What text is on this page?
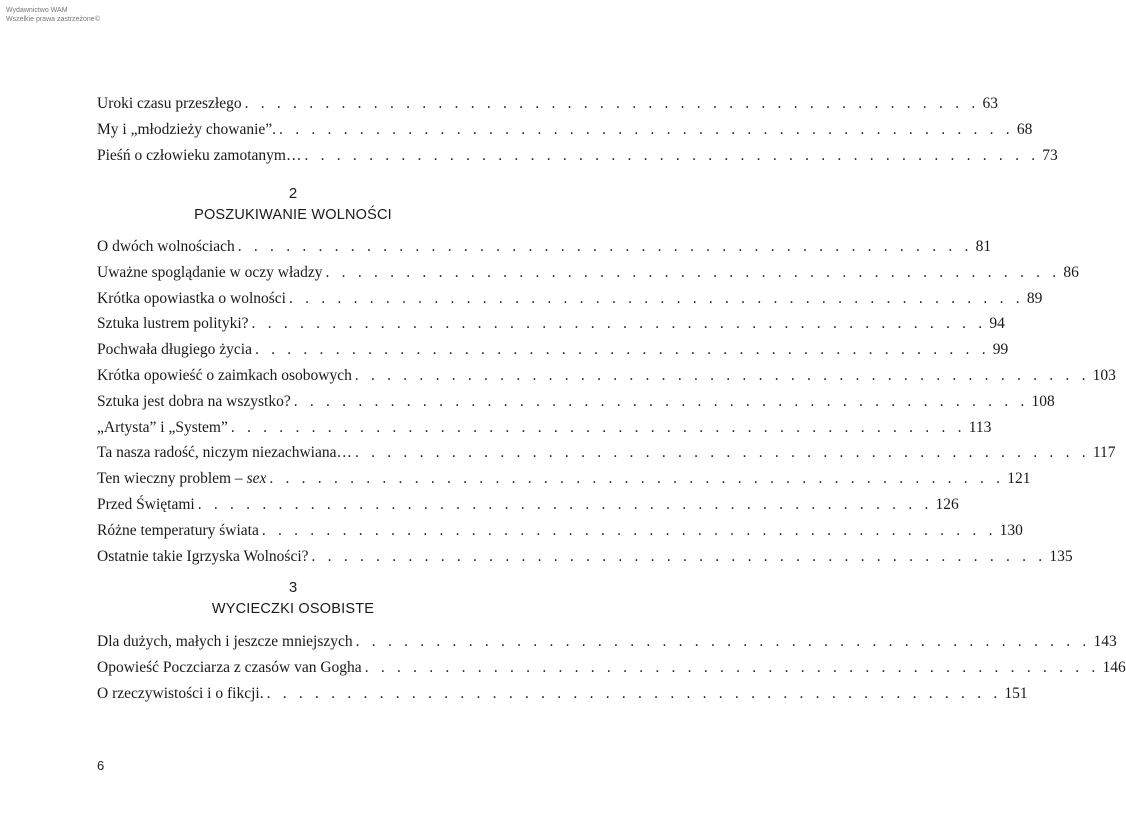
Wydawnictwo WAM
Wszelkie prawa zastrzeżone©
Uroki czasu przeszłego . . . . . . . . . . . . . . . . . . . . . . . . . . . . . . . . . . . . . . . . . . . . . . 63
My i „młodzieży chowanie”. . . . . . . . . . . . . . . . . . . . . . . . . . . . . . . . . . . . . . . . . . . . . . . 68
Pieśń o człowieku zamotanym… . . . . . . . . . . . . . . . . . . . . . . . . . . . . . . . . . . . . . . . . . . . . . . 73
2
POSZUKIWANIE WOLNOŚCI
O dwóch wolnościach . . . . . . . . . . . . . . . . . . . . . . . . . . . . . . . . . . . . . . . . . . . . . . 81
Uważne spoglądanie w oczy władzy . . . . . . . . . . . . . . . . . . . . . . . . . . . . . . . . . . . . . . . . . . . . . . 86
Krótka opowiastka o wolności . . . . . . . . . . . . . . . . . . . . . . . . . . . . . . . . . . . . . . . . . . . . . . 89
Sztuka lustrem polityki? . . . . . . . . . . . . . . . . . . . . . . . . . . . . . . . . . . . . . . . . . . . . . . 94
Pochwała długiego życia . . . . . . . . . . . . . . . . . . . . . . . . . . . . . . . . . . . . . . . . . . . . . . 99
Krótka opowieść o zaimkach osobowych . . . . . . . . . . . . . . . . . . . . . . . . . . . . . . . . . . . . . . . . . . . . . . 103
Sztuka jest dobra na wszystko? . . . . . . . . . . . . . . . . . . . . . . . . . . . . . . . . . . . . . . . . . . . . . . 108
„Artysta” i „System” . . . . . . . . . . . . . . . . . . . . . . . . . . . . . . . . . . . . . . . . . . . . . . 113
Ta nasza radość, niczym niezachwiana… . . . . . . . . . . . . . . . . . . . . . . . . . . . . . . . . . . . . . . . . . . . . . . 117
Ten wieczny problem – sex . . . . . . . . . . . . . . . . . . . . . . . . . . . . . . . . . . . . . . . . . . . . . . 121
Przed Świętami . . . . . . . . . . . . . . . . . . . . . . . . . . . . . . . . . . . . . . . . . . . . . . 126
Różne temperatury świata . . . . . . . . . . . . . . . . . . . . . . . . . . . . . . . . . . . . . . . . . . . . . . 130
Ostatnie takie Igrzyska Wolności? . . . . . . . . . . . . . . . . . . . . . . . . . . . . . . . . . . . . . . . . . . . . . . 135
3
WYCIECZKI OSOBISTE
Dla dużych, małych i jeszcze mniejszych . . . . . . . . . . . . . . . . . . . . . . . . . . . . . . . . . . . . . . . . . . . . . . 143
Opowieść Poczciarza z czasów van Gogha . . . . . . . . . . . . . . . . . . . . . . . . . . . . . . . . . . . . . . . . . . . . . . 146
O rzeczywistości i o fikcji. . . . . . . . . . . . . . . . . . . . . . . . . . . . . . . . . . . . . . . . . . . . . . . 151
6
